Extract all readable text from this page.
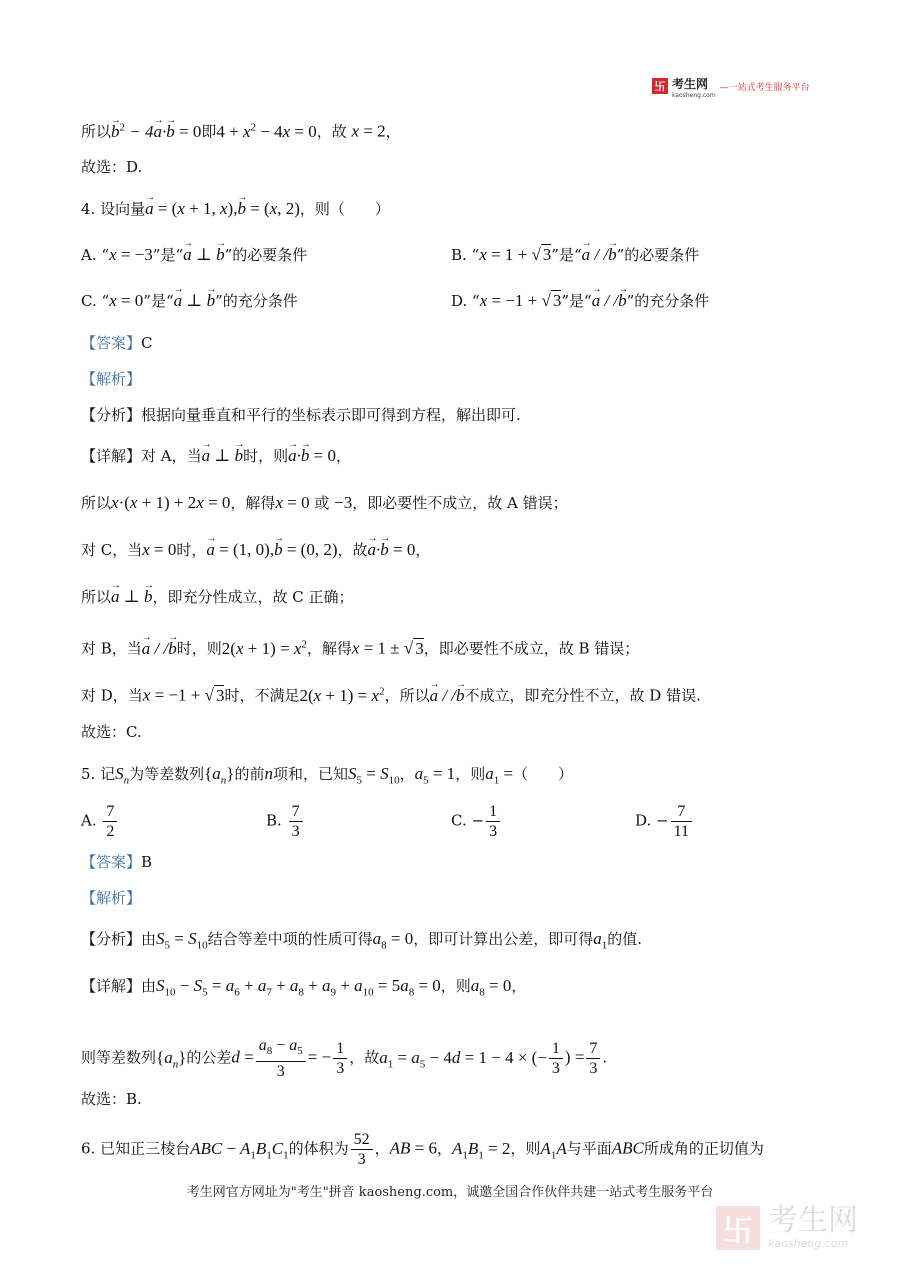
卐 考生网
kaosheng.com
—一站式考生服务平台
所以→ $b^2 - 4\to a\cdot\to b = 0$即$4 + x^2 - 4x = 0$，故 x = 2，
故选：D.
4. 设向量→ a = (x + 1, x),→ b = (x, 2)，则（　　）
A. “x = −3”是“→ a ⊥ → b”的必要条件	B. “x = 1 + √ 3”是“→ a / /→ b”的必要条件
C. “x = 0”是“→ a ⊥ → b”的充分条件	D. “x = −1 + √ 3”是“→ a / /→ b”的充分条件
【答案】C
【解析】
【分析】根据向量垂直和平行的坐标表示即可得到方程，解出即可.
【详解】对 A，当→ a ⊥ → b时，则→ a·→ b = 0，
所以x·(x + 1) + 2x = 0，解得x = 0 或 −3，即必要性不成立，故 A 错误；
对 C，当x = 0时，→ a = (1, 0),→ b = (0, 2)，故→ a·→ b = 0，
所以→ a ⊥ → b，即充分性成立，故 C 正确；
对 B，当→ a / /→ b时，则$2(x + 1) = x^2$，解得x = 1 ± √ 3，即必要性不成立，故 B 错误；
对 D，当x = −1 + √ 3时，不满足$2(x + 1) = x^2$，所以→ a / /→ b不成立，即充分性不立，故 D 错误.
故选：C.
5. 记$S_n$为等差数列$\{a_n\}$的前n项和，已知$S_5 = S_{10}$，$a_5 = 1$，则$a_1$ =（　　）
A. $\frac{7}{2}$	B. $\frac{7}{3}$	C. − $\frac{1}{3}$	D. − $\frac{7}{11}$
【答案】B
【解析】
【分析】由$S_5 = S_{10}$结合等差中项的性质可得$a_8 = 0$，即可计算出公差，即可得$a_1$的值.
【详解】由$S_{10} - S_5 = a_6 + a_7 + a_8 + a_9 + a_{10} = 5a_8 = 0$，则$a_8 = 0$，
则等差数列$\{a_n\}$的公差$d = \frac{a_8 - a_5}{3}$ = − $\frac{1}{3}$ ，故$a_1 = a_5 - 4d = 1 - 4$ × (− $\frac{1}{3}$ ) = $\frac{7}{3}$ .
故选：B.
6. 已知正三棱台ABC − $A_1B_1C_1$的体积为 $\frac{52}{3}$ ，AB = 6，$A_1B_1 = 2$，则$A_1A$与平面ABC所成角的正切值为
考生网官方网址为"考生"拼音 kaosheng.com，诚邀全国合作伙伴共建一站式考生服务平台
卐 考生网
kaosheng.com
